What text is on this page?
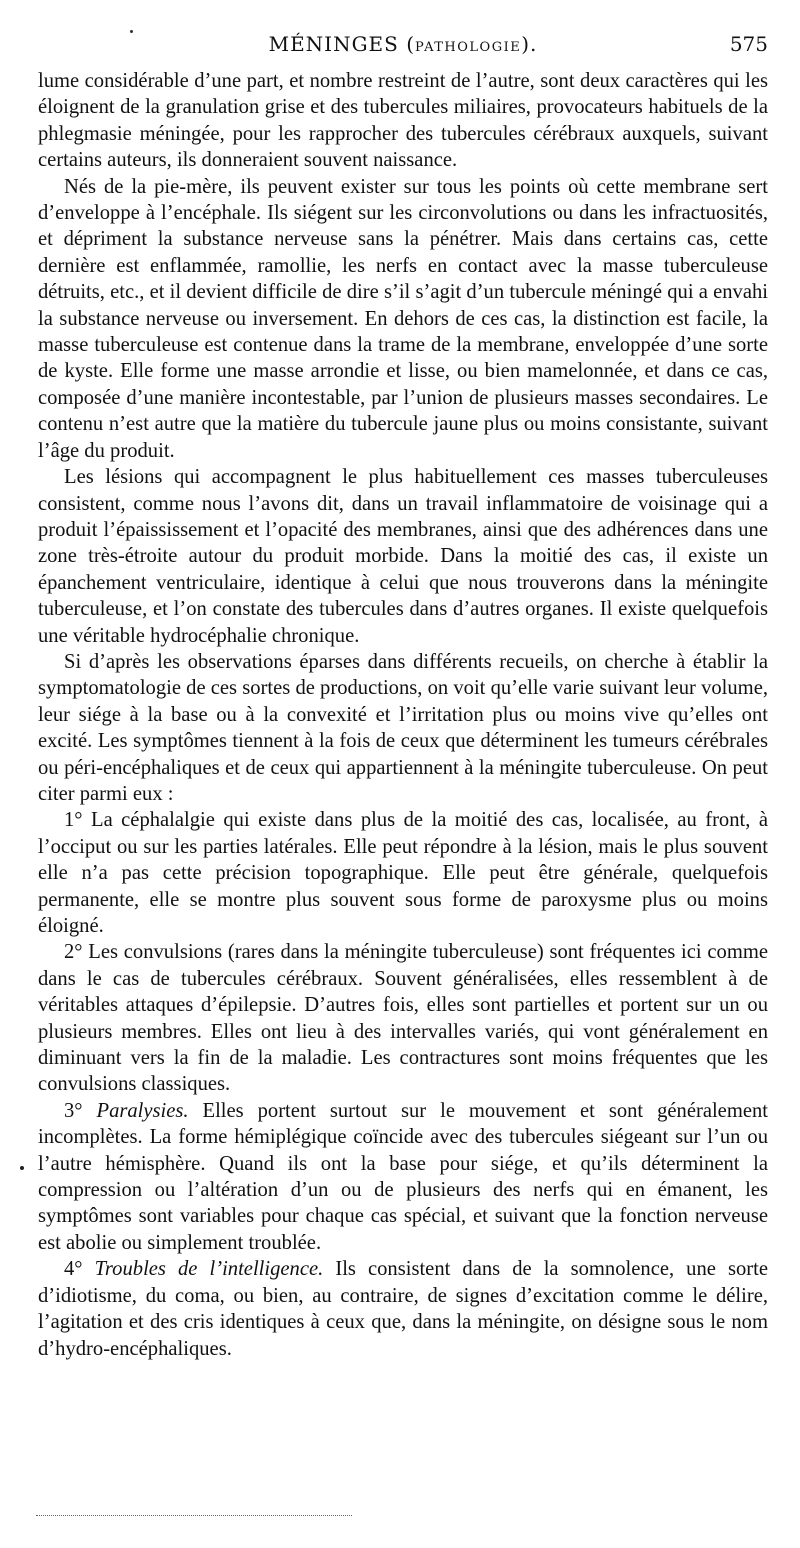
MÉNINGES (PATHOLOGIE).	575

lume considérable d’une part, et nombre restreint de l’autre, sont deux caractères qui les éloignent de la granulation grise et des tubercules miliaires, provocateurs habituels de la phlegmasie méningée, pour les rapprocher des tubercules cérébraux auxquels, suivant certains auteurs, ils donneraient souvent naissance.

Nés de la pie-mère, ils peuvent exister sur tous les points où cette membrane sert d’enveloppe à l’encéphale. Ils siégent sur les circonvolutions ou dans les infractuosités, et dépriment la substance nerveuse sans la pénétrer. Mais dans certains cas, cette dernière est enflammée, ramollie, les nerfs en contact avec la masse tuberculeuse détruits, etc., et il devient difficile de dire s’il s’agit d’un tubercule méningé qui a envahi la substance nerveuse ou inversement. En dehors de ces cas, la distinction est facile, la masse tuberculeuse est contenue dans la trame de la membrane, enveloppée d’une sorte de kyste. Elle forme une masse arrondie et lisse, ou bien mamelonnée, et dans ce cas, composée d’une manière incontestable, par l’union de plusieurs masses secondaires. Le contenu n’est autre que la matière du tubercule jaune plus ou moins consistante, suivant l’âge du produit.

Les lésions qui accompagnent le plus habituellement ces masses tuberculeuses consistent, comme nous l’avons dit, dans un travail inflammatoire de voisinage qui a produit l’épaississement et l’opacité des membranes, ainsi que des adhérences dans une zone très-étroite autour du produit morbide. Dans la moitié des cas, il existe un épanchement ventriculaire, identique à celui que nous trouverons dans la méningite tuberculeuse, et l’on constate des tubercules dans d’autres organes. Il existe quelquefois une véritable hydrocéphalie chronique.

Si d’après les observations éparses dans différents recueils, on cherche à établir la symptomatologie de ces sortes de productions, on voit qu’elle varie suivant leur volume, leur siége à la base ou à la convexité et l’irritation plus ou moins vive qu’elles ont excité. Les symptômes tiennent à la fois de ceux que déterminent les tumeurs cérébrales ou péri-encéphaliques et de ceux qui appartiennent à la méningite tuberculeuse. On peut citer parmi eux :

1° La céphalalgie qui existe dans plus de la moitié des cas, localisée, au front, à l’occiput ou sur les parties latérales. Elle peut répondre à la lésion, mais le plus souvent elle n’a pas cette précision topographique. Elle peut être générale, quelquefois permanente, elle se montre plus souvent sous forme de paroxysme plus ou moins éloigné.

2° Les convulsions (rares dans la méningite tuberculeuse) sont fréquentes ici comme dans le cas de tubercules cérébraux. Souvent généralisées, elles ressemblent à de véritables attaques d’épilepsie. D’autres fois, elles sont partielles et portent sur un ou plusieurs membres. Elles ont lieu à des intervalles variés, qui vont généralement en diminuant vers la fin de la maladie. Les contractures sont moins fréquentes que les convulsions classiques.

3° Paralysies. Elles portent surtout sur le mouvement et sont généralement incomplètes. La forme hémiplégique coïncide avec des tubercules siégeant sur l’un ou l’autre hémisphère. Quand ils ont la base pour siége, et qu’ils déterminent la compression ou l’altération d’un ou de plusieurs des nerfs qui en émanent, les symptômes sont variables pour chaque cas spécial, et suivant que la fonction nerveuse est abolie ou simplement troublée.

4° Troubles de l’intelligence. Ils consistent dans de la somnolence, une sorte d’idiotisme, du coma, ou bien, au contraire, de signes d’excitation comme le délire, l’agitation et des cris identiques à ceux que, dans la méningite, on désigne sous le nom d’hydro-encéphaliques.
